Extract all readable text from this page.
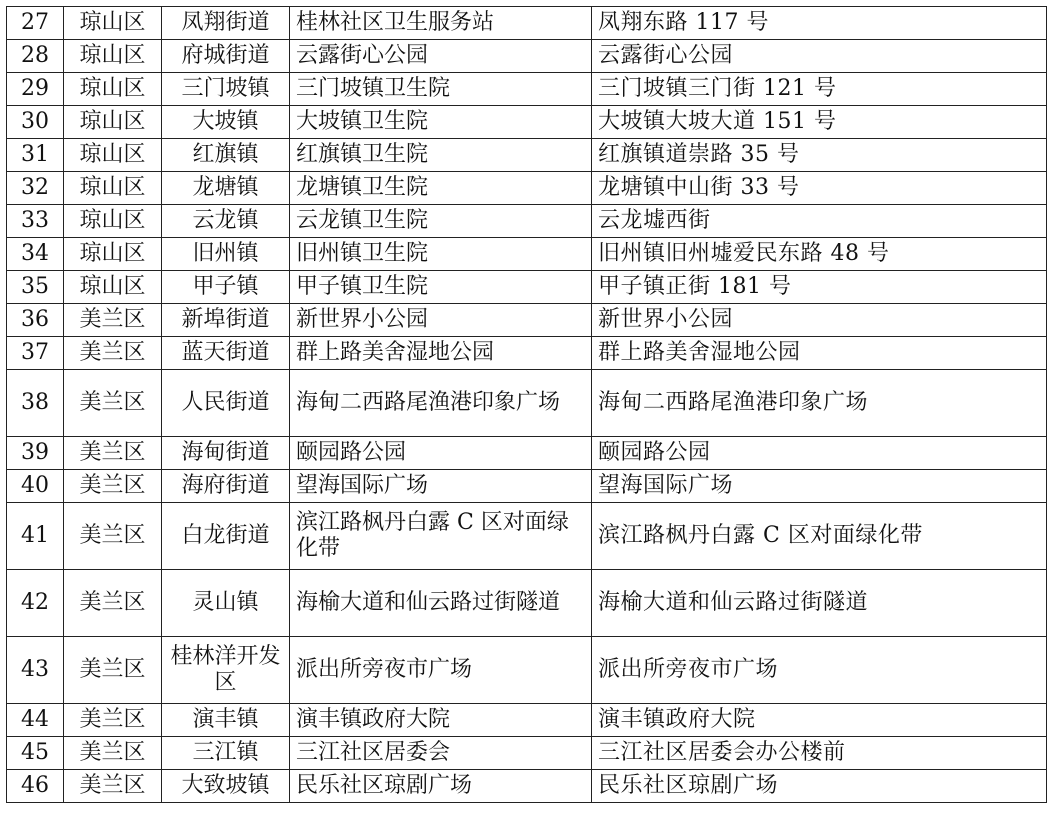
27	琼山区	凤翔街道	桂林社区卫生服务站	凤翔东路 117 号
28	琼山区	府城街道	云露街心公园	云露街心公园
29	琼山区	三门坡镇	三门坡镇卫生院	三门坡镇三门街 121 号
30	琼山区	大坡镇	大坡镇卫生院	大坡镇大坡大道 151 号
31	琼山区	红旗镇	红旗镇卫生院	红旗镇道崇路 35 号
32	琼山区	龙塘镇	龙塘镇卫生院	龙塘镇中山街 33 号
33	琼山区	云龙镇	云龙镇卫生院	云龙墟西街
34	琼山区	旧州镇	旧州镇卫生院	旧州镇旧州墟爱民东路 48 号
35	琼山区	甲子镇	甲子镇卫生院	甲子镇正街 181 号
36	美兰区	新埠街道	新世界小公园	新世界小公园
37	美兰区	蓝天街道	群上路美舍湿地公园	群上路美舍湿地公园
38	美兰区	人民街道	海甸二西路尾渔港印象广场	海甸二西路尾渔港印象广场
39	美兰区	海甸街道	颐园路公园	颐园路公园
40	美兰区	海府街道	望海国际广场	望海国际广场
41	美兰区	白龙街道	滨江路枫丹白露 C 区对面绿化带	滨江路枫丹白露 C 区对面绿化带
42	美兰区	灵山镇	海榆大道和仙云路过街隧道	海榆大道和仙云路过街隧道
43	美兰区	桂林洋开发区	派出所旁夜市广场	派出所旁夜市广场
44	美兰区	演丰镇	演丰镇政府大院	演丰镇政府大院
45	美兰区	三江镇	三江社区居委会	三江社区居委会办公楼前
46	美兰区	大致坡镇	民乐社区琼剧广场	民乐社区琼剧广场
